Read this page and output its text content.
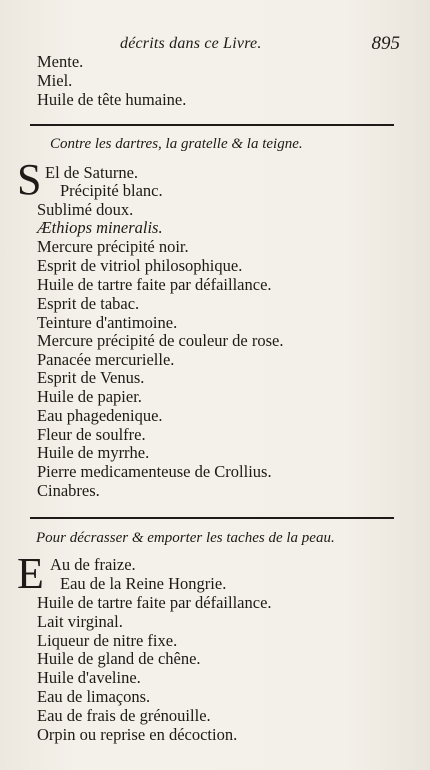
décrits dans ce Livre.	895
Mente.
Miel.
Huile de tête humaine.
Contre les dartres, la gratelle & la teigne.
S El de Saturne.
Précipité blanc.
Sublimé doux.
Æthiops mineralis.
Mercure précipité noir.
Esprit de vitriol philosophique.
Huile de tartre faite par défaillance.
Esprit de tabac.
Teinture d'antimoine.
Mercure précipité de couleur de rose.
Panacée mercurielle.
Esprit de Venus.
Huile de papier.
Eau phagedenique.
Fleur de soulfre.
Huile de myrrhe.
Pierre medicamenteuse de Crollius.
Cinabres.
Pour décrasser & emporter les taches de la peau.
E Au de fraize.
Eau de la Reine Hongrie.
Huile de tartre faite par défaillance.
Lait virginal.
Liqueur de nitre fixe.
Huile de gland de chêne.
Huile d'aveline.
Eau de limaçons.
Eau de frais de grénouille.
Orpin ou reprise en décoction.
